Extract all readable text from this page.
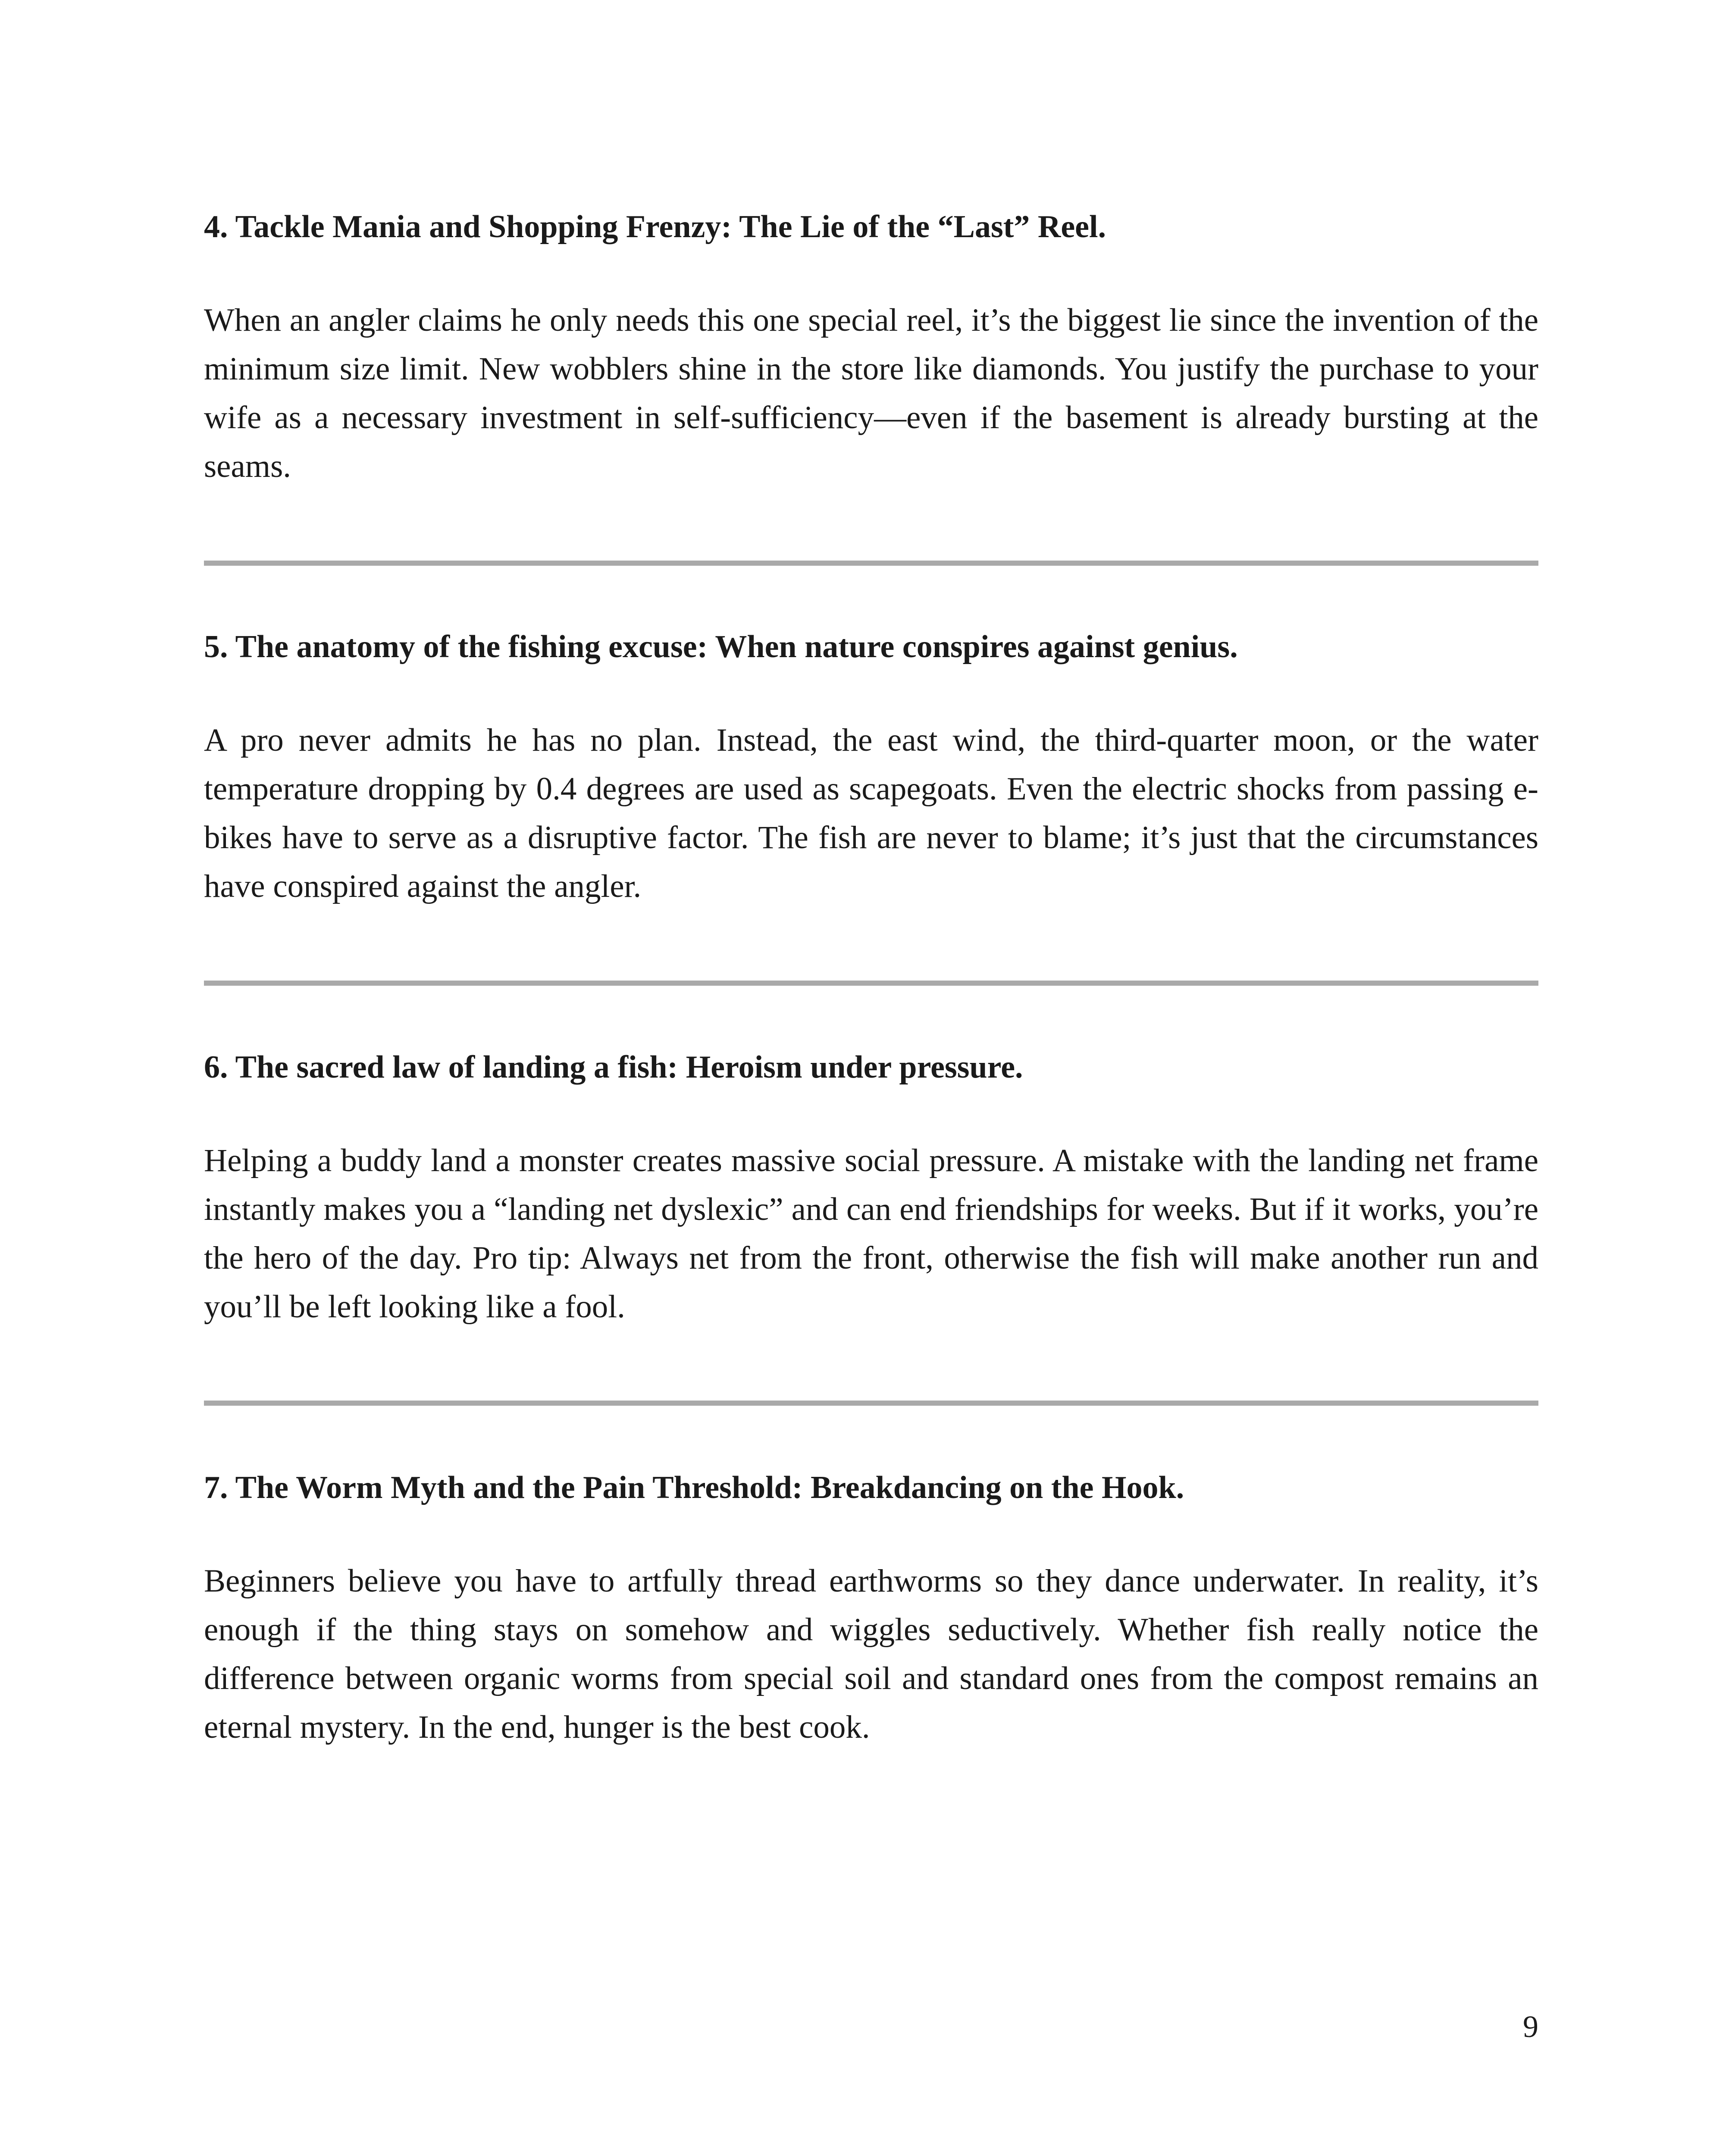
4. Tackle Mania and Shopping Frenzy: The Lie of the “Last” Reel.

When an angler claims he only needs this one special reel, it’s the biggest lie since the invention of the minimum size limit. New wobblers shine in the store like diamonds. You justify the purchase to your wife as a necessary investment in self-sufficiency—even if the basement is already bursting at the seams.

5. The anatomy of the fishing excuse: When nature conspires against genius.

A pro never admits he has no plan. Instead, the east wind, the third-quarter moon, or the water temperature dropping by 0.4 degrees are used as scapegoats. Even the electric shocks from passing e-bikes have to serve as a disruptive factor. The fish are never to blame; it’s just that the circumstances have conspired against the angler.

6. The sacred law of landing a fish: Heroism under pressure.

Helping a buddy land a monster creates massive social pressure. A mistake with the landing net frame instantly makes you a “landing net dyslexic” and can end friendships for weeks. But if it works, you’re the hero of the day. Pro tip: Always net from the front, otherwise the fish will make another run and you’ll be left looking like a fool.

7. The Worm Myth and the Pain Threshold: Breakdancing on the Hook.

Beginners believe you have to artfully thread earthworms so they dance underwater. In reality, it’s enough if the thing stays on somehow and wiggles seductively. Whether fish really notice the difference between organic worms from special soil and standard ones from the compost remains an eternal mystery. In the end, hunger is the best cook.

9
